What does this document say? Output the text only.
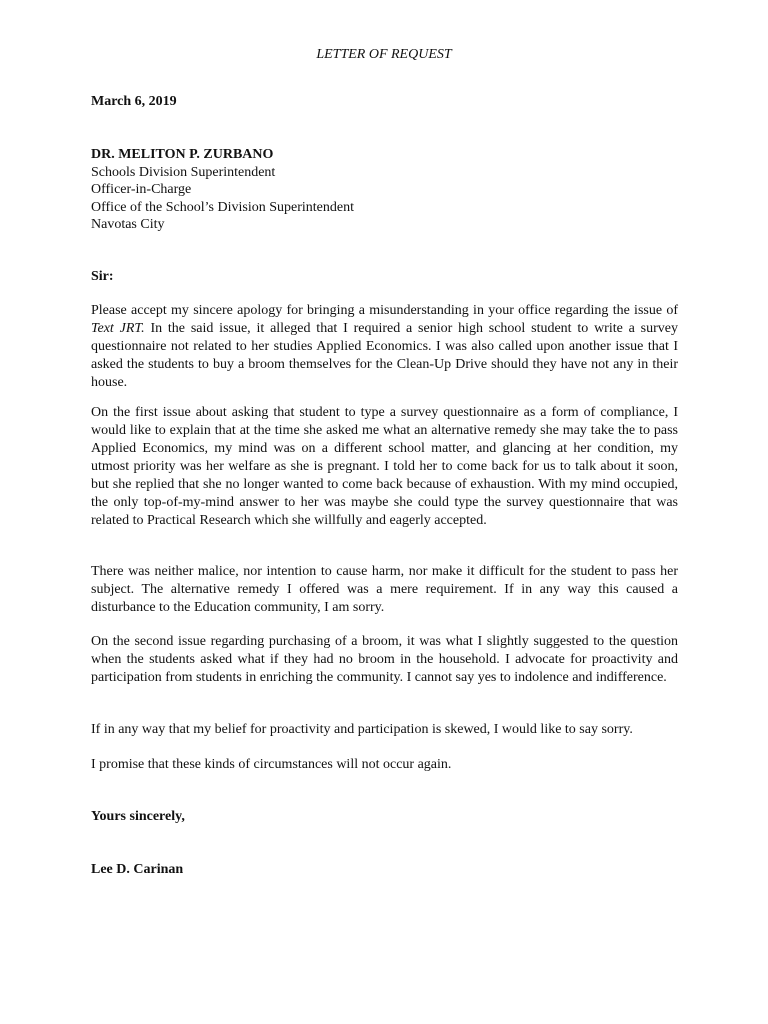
LETTER OF REQUEST
March 6, 2019
DR. MELITON P. ZURBANO
Schools Division Superintendent
Officer-in-Charge
Office of the School’s Division Superintendent
Navotas City
Sir:

Please accept my sincere apology for bringing a misunderstanding in your office regarding the issue of Text JRT. In the said issue, it alleged that I required a senior high school student to write a survey questionnaire not related to her studies Applied Economics. I was also called upon another issue that I asked the students to buy a broom themselves for the Clean-Up Drive should they have not any in their house.

On the first issue about asking that student to type a survey questionnaire as a form of compliance, I would like to explain that at the time she asked me what an alternative remedy she may take the to pass Applied Economics, my mind was on a different school matter, and glancing at her condition, my utmost priority was her welfare as she is pregnant. I told her to come back for us to talk about it soon, but she replied that she no longer wanted to come back because of exhaustion. With my mind occupied, the only top-of-my-mind answer to her was maybe she could type the survey questionnaire that was related to Practical Research which she willfully and eagerly accepted.

There was neither malice, nor intention to cause harm, nor make it difficult for the student to pass her subject. The alternative remedy I offered was a mere requirement. If in any way this caused a disturbance to the Education community, I am sorry.

On the second issue regarding purchasing of a broom, it was what I slightly suggested to the question when the students asked what if they had no broom in the household. I advocate for proactivity and participation from students in enriching the community. I cannot say yes to indolence and indifference.

If in any way that my belief for proactivity and participation is skewed, I would like to say sorry.

I promise that these kinds of circumstances will not occur again.

Yours sincerely,
Lee D. Carinan
